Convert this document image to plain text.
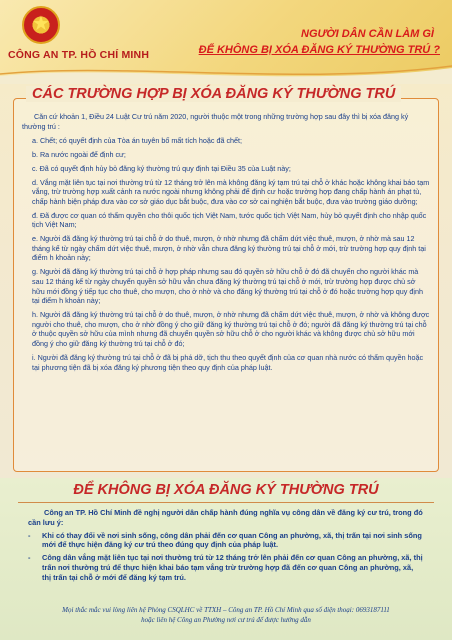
★
CÔNG AN TP. HỒ CHÍ MINH
NGƯỜI DÂN CẦN LÀM GÌ
ĐỂ KHÔNG BỊ XÓA ĐĂNG KÝ THƯỜNG TRÚ ?
CÁC TRƯỜNG HỢP BỊ XÓA ĐĂNG KÝ THƯỜNG TRÚ

Căn cứ khoản 1, Điều 24 Luật Cư trú năm 2020, người thuộc một trong những trường hợp sau đây thì bị xóa đăng ký thường trú :

a. Chết; có quyết định của Tòa án tuyên bố mất tích hoặc đã chết;

b. Ra nước ngoài để định cư;

c. Đã có quyết định hủy bỏ đăng ký thường trú quy định tại Điều 35 của Luật này;

d. Vắng mặt liên tục tại nơi thường trú từ 12 tháng trở lên mà không đăng ký tạm trú tại chỗ ở khác hoặc không khai báo tạm vắng, trừ trường hợp xuất cảnh ra nước ngoài nhưng không phải để định cư hoặc trường hợp đang chấp hành án phạt tù, chấp hành biện pháp đưa vào cơ sở giáo dục bắt buộc, đưa vào cơ sở cai nghiện bắt buộc, đưa vào trường giáo dưỡng;

đ. Đã được cơ quan có thẩm quyền cho thôi quốc tịch Việt Nam, tước quốc tịch Việt Nam, hủy bỏ quyết định cho nhập quốc tịch Việt Nam;

e. Người đã đăng ký thường trú tại chỗ ở do thuê, mượn, ở nhờ nhưng đã chấm dứt việc thuê, mượn, ở nhờ mà sau 12 tháng kể từ ngày chấm dứt việc thuê, mượn, ở nhờ vẫn chưa đăng ký thường trú tại chỗ ở mới, trừ trường hợp quy định tại điểm h khoản này;

g. Người đã đăng ký thường trú tại chỗ ở hợp pháp nhưng sau đó quyền sở hữu chỗ ở đó đã chuyển cho người khác mà sau 12 tháng kể từ ngày chuyển quyền sở hữu vẫn chưa đăng ký thường trú tại chỗ ở mới, trừ trường hợp được chủ sở hữu mới đồng ý tiếp tục cho thuê, cho mượn, cho ở nhờ và cho đăng ký thường trú tại chỗ ở đó hoặc trường hợp quy định tại điểm h khoản này;

h. Người đã đăng ký thường trú tại chỗ ở do thuê, mượn, ở nhờ nhưng đã chấm dứt việc thuê, mượn, ở nhờ và không được người cho thuê, cho mượn, cho ở nhờ đồng ý cho giữ đăng ký thường trú tại chỗ ở đó; người đã đăng ký thường trú tại chỗ ở thuộc quyền sở hữu của mình nhưng đã chuyển quyền sở hữu chỗ ở cho người khác và không được chủ sở hữu mới đồng ý cho giữ đăng ký thường trú tại chỗ ở đó;

i. Người đã đăng ký thường trú tại chỗ ở đã bị phá dỡ, tịch thu theo quyết định của cơ quan nhà nước có thẩm quyền hoặc tại phương tiện đã bị xóa đăng ký phương tiện theo quy định của pháp luật.

ĐỂ KHÔNG BỊ XÓA ĐĂNG KÝ THƯỜNG TRÚ

Công an TP. Hồ Chí Minh đề nghị người dân chấp hành đúng nghĩa vụ công dân về đăng ký cư trú, trong đó cần lưu ý:

- Khi có thay đổi về nơi sinh sống, công dân phải đến cơ quan Công an phường, xã, thị trấn tại nơi sinh sống mới để thực hiện đăng ký cư trú theo đúng quy định của pháp luật.

- Công dân vắng mặt liên tục tại nơi thường trú từ 12 tháng trở lên phải đến cơ quan Công an phường, xã, thị trấn nơi thường trú để thực hiện khai báo tạm vắng trừ trường hợp đã đến cơ quan Công an phường, xã, thị trấn tại chỗ ở mới để đăng ký tạm trú.

Mọi thắc mắc vui lòng liên hệ Phòng CSQLHC về TTXH – Công an TP. Hồ Chí Minh qua số điện thoại: 0693187111
hoặc liên hệ Công an Phường nơi cư trú để được hướng dẫn
